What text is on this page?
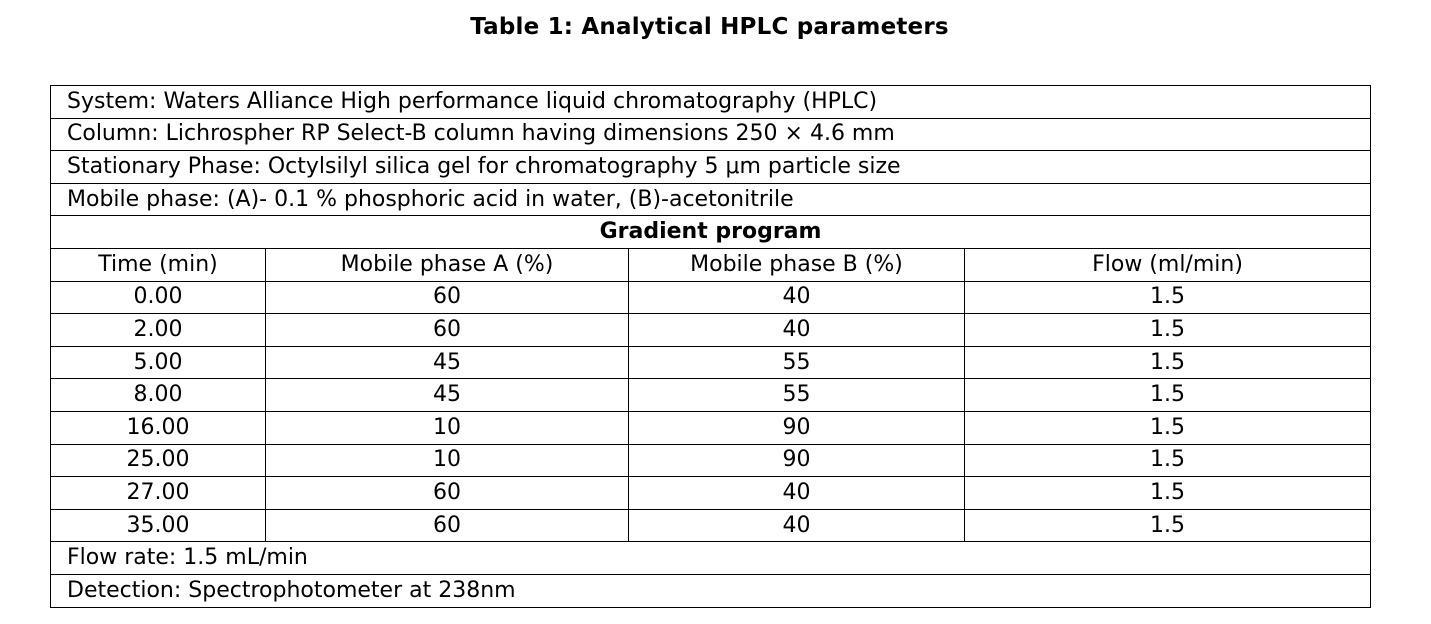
Table 1: Analytical HPLC parameters
System: Waters Alliance High performance liquid chromatography (HPLC)			
Column: Lichrospher RP Select-B column having dimensions 250 × 4.6 mm			
Stationary Phase: Octylsilyl silica gel for chromatography 5 μm particle size			
Mobile phase: (A)- 0.1 % phosphoric acid in water, (B)-acetonitrile			
Gradient program			
Time (min)	Mobile phase A (%)	Mobile phase B (%)	Flow (ml/min)
0.00	60	40	1.5
2.00	60	40	1.5
5.00	45	55	1.5
8.00	45	55	1.5
16.00	10	90	1.5
25.00	10	90	1.5
27.00	60	40	1.5
35.00	60	40	1.5
Flow rate: 1.5 mL/min			
Detection: Spectrophotometer at 238nm			
